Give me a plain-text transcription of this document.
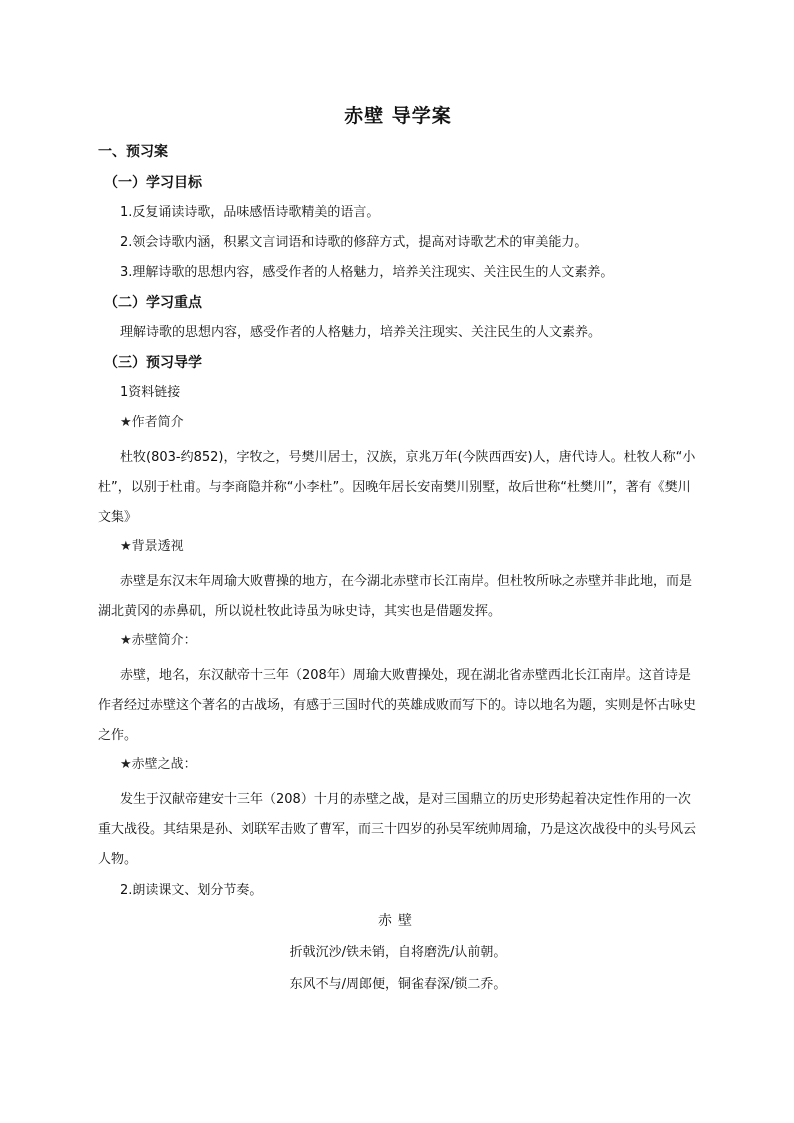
赤壁 导学案
一、预习案
（一）学习目标
1.反复诵读诗歌，品味感悟诗歌精美的语言。
2.领会诗歌内涵，积累文言词语和诗歌的修辞方式，提高对诗歌艺术的审美能力。
3.理解诗歌的思想内容，感受作者的人格魅力，培养关注现实、关注民生的人文素养。
（二）学习重点
理解诗歌的思想内容，感受作者的人格魅力，培养关注现实、关注民生的人文素养。
（三）预习导学
1资料链接
★作者简介
杜牧(803-约852)，字牧之，号樊川居士，汉族，京兆万年(今陕西西安)人，唐代诗人。杜牧人称“小杜”，以别于杜甫。与李商隐并称“小李杜”。因晚年居长安南樊川别墅，故后世称“杜樊川”，著有《樊川文集》
★背景透视
赤壁是东汉末年周瑜大败曹操的地方，在今湖北赤壁市长江南岸。但杜牧所咏之赤壁并非此地，而是湖北黄冈的赤鼻矶，所以说杜牧此诗虽为咏史诗，其实也是借题发挥。
★赤壁简介：
赤壁，地名，东汉献帝十三年（208年）周瑜大败曹操处，现在湖北省赤壁西北长江南岸。这首诗是作者经过赤壁这个著名的古战场，有感于三国时代的英雄成败而写下的。诗以地名为题，实则是怀古咏史之作。
★赤壁之战：
发生于汉献帝建安十三年（208）十月的赤壁之战，是对三国鼎立的历史形势起着决定性作用的一次重大战役。其结果是孙、刘联军击败了曹军，而三十四岁的孙吴军统帅周瑜，乃是这次战役中的头号风云人物。
2.朗读课文、划分节奏。
赤壁
折戟沉沙/铁未销，自将磨洗/认前朝。
东风不与/周郎便，铜雀春深/锁二乔。
